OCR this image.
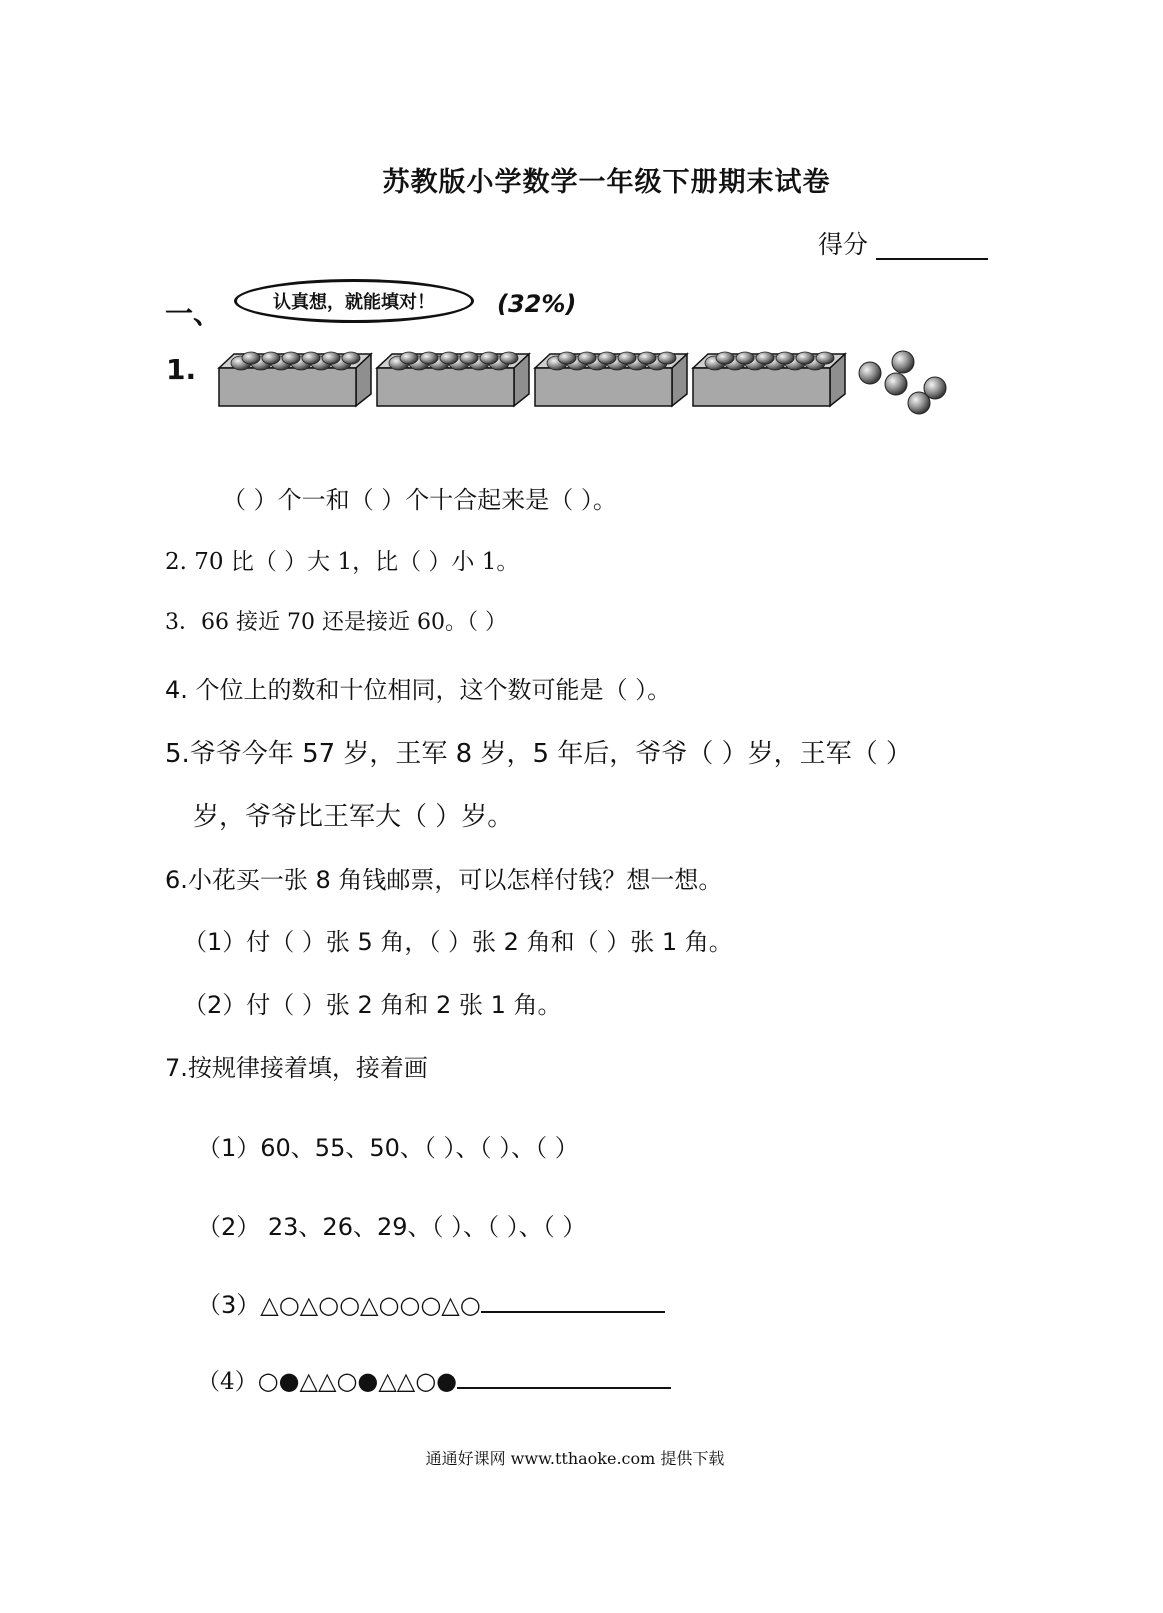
苏教版小学数学一年级下册期末试卷
得分
一、	认真想，就能填对！	(32%)
1.
（ ）个一和（ ）个十合起来是（ ）。
2. 70 比（ ）大 1，比（ ）小 1。
3．66 接近 70 还是接近 60。（ ）
4. 个位上的数和十位相同，这个数可能是（ ）。
5.爷爷今年 57 岁，王军 8 岁，5 年后，爷爷（ ）岁，王军（ ）
岁，爷爷比王军大（ ）岁。
6.小花买一张 8 角钱邮票，可以怎样付钱？想一想。
（1）付（ ）张 5 角，（ ）张 2 角和（ ）张 1 角。
（2）付（ ）张 2 角和 2 张 1 角。
7.按规律接着填，接着画
（1）60、55、50、（ ）、（ ）、（ ）
（2） 23、26、29、（ ）、（ ）、（ ）
（3）△○△○○△○○○△○
（4）○●△△○●△△○●
通通好课网 www.tthaoke.com 提供下载
